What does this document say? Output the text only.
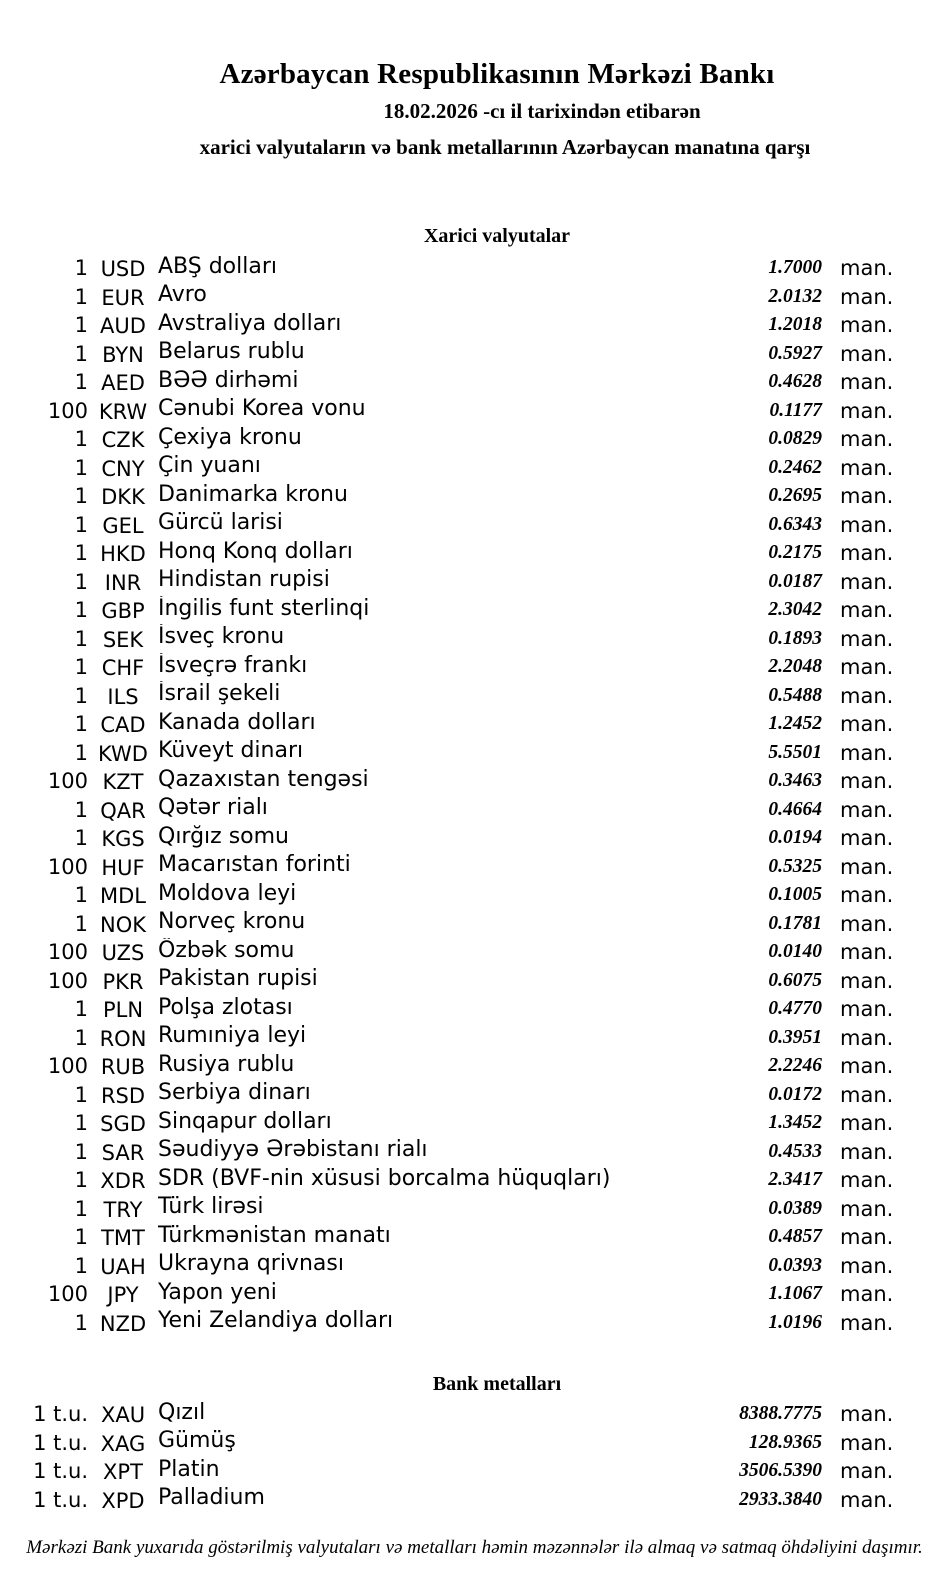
Azərbaycan Respublikasının Mərkəzi Bankı
18.02.2026 -cı il tarixindən etibarən
xarici valyutaların və bank metallarının Azərbaycan manatına qarşı
Xarici valyutalar
1 USD ABŞ dolları	1.7000 man.
1 EUR Avro	2.0132 man.
1 AUD Avstraliya dolları	1.2018 man.
1 BYN Belarus rublu	0.5927 man.
1 AED BƏƏ dirhəmi	0.4628 man.
100 KRW Cənubi Korea vonu	0.1177 man.
1 CZK Çexiya kronu	0.0829 man.
1 CNY Çin yuanı	0.2462 man.
1 DKK Danimarka kronu	0.2695 man.
1 GEL Gürcü larisi	0.6343 man.
1 HKD Honq Konq dolları	0.2175 man.
1 INR Hindistan rupisi	0.0187 man.
1 GBP İngilis funt sterlinqi	2.3042 man.
1 SEK İsveç kronu	0.1893 man.
1 CHF İsveçrə frankı	2.2048 man.
1 ILS İsrail şekeli	0.5488 man.
1 CAD Kanada dolları	1.2452 man.
1 KWD Küveyt dinarı	5.5501 man.
100 KZT Qazaxıstan tengəsi	0.3463 man.
1 QAR Qətər rialı	0.4664 man.
1 KGS Qırğız somu	0.0194 man.
100 HUF Macarıstan forinti	0.5325 man.
1 MDL Moldova leyi	0.1005 man.
1 NOK Norveç kronu	0.1781 man.
100 UZS Özbək somu	0.0140 man.
100 PKR Pakistan rupisi	0.6075 man.
1 PLN Polşa zlotası	0.4770 man.
1 RON Rumıniya leyi	0.3951 man.
100 RUB Rusiya rublu	2.2246 man.
1 RSD Serbiya dinarı	0.0172 man.
1 SGD Sinqapur dolları	1.3452 man.
1 SAR Səudiyyə Ərəbistanı rialı	0.4533 man.
1 XDR SDR (BVF-nin xüsusi borcalma hüquqları)	2.3417 man.
1 TRY Türk lirəsi	0.0389 man.
1 TMT Türkmənistan manatı	0.4857 man.
1 UAH Ukrayna qrivnası	0.0393 man.
100 JPY Yapon yeni	1.1067 man.
1 NZD Yeni Zelandiya dolları	1.0196 man.
Bank metalları
1 t.u. XAU Qızıl	8388.7775 man.
1 t.u. XAG Gümüş	128.9365 man.
1 t.u. XPT Platin	3506.5390 man.
1 t.u. XPD Palladium	2933.3840 man.

Mərkəzi Bank yuxarıda göstərilmiş valyutaları və metalları həmin məzənnələr ilə almaq və satmaq öhdəliyini daşımır.
